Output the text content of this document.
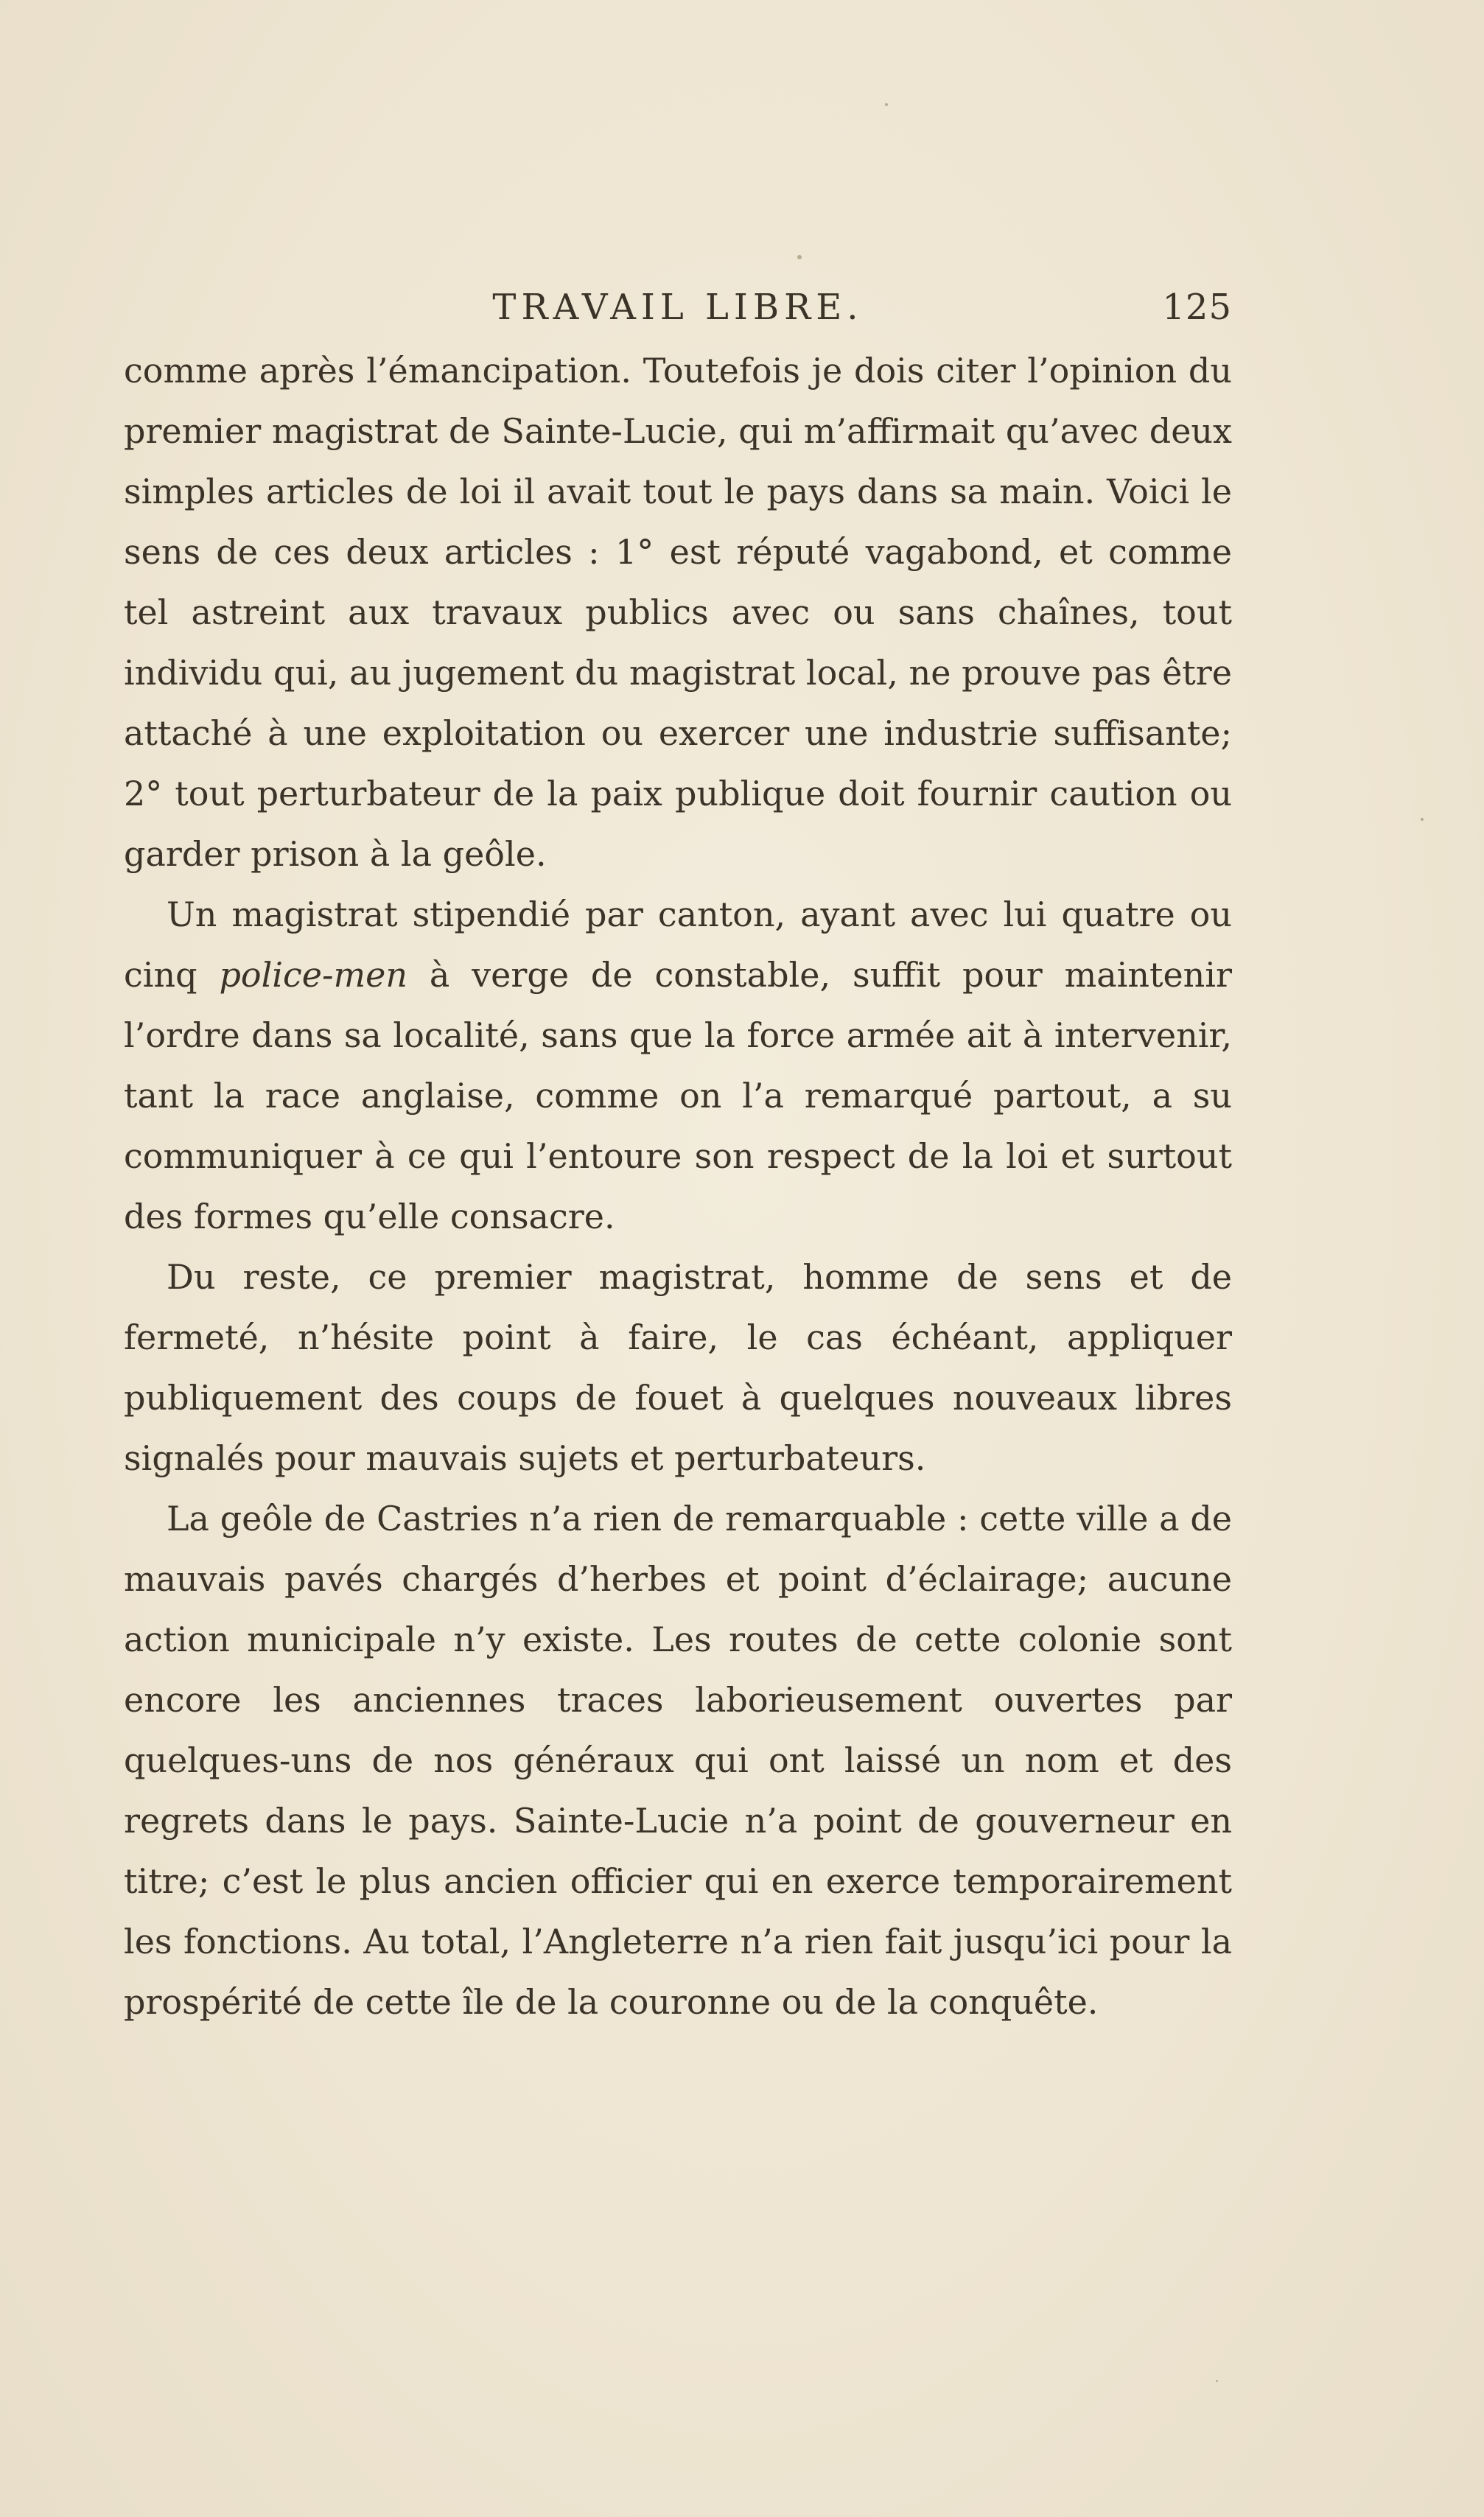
TRAVAIL LIBRE.	125

comme après l’émancipation. Toutefois je dois citer l’opinion du premier magistrat de Sainte-Lucie, qui m’affirmait qu’avec deux simples articles de loi il avait tout le pays dans sa main. Voici le sens de ces deux articles : 1° est réputé vagabond, et comme tel astreint aux travaux publics avec ou sans chaînes, tout individu qui, au jugement du magistrat local, ne prouve pas être attaché à une exploitation ou exercer une industrie suffisante; 2° tout perturbateur de la paix publique doit fournir caution ou garder prison à la geôle.

Un magistrat stipendié par canton, ayant avec lui quatre ou cinq police-men à verge de constable, suffit pour maintenir l’ordre dans sa localité, sans que la force armée ait à intervenir, tant la race anglaise, comme on l’a remarqué partout, a su communiquer à ce qui l’entoure son respect de la loi et surtout des formes qu’elle consacre.

Du reste, ce premier magistrat, homme de sens et de fermeté, n’hésite point à faire, le cas échéant, appliquer publiquement des coups de fouet à quelques nouveaux libres signalés pour mauvais sujets et perturbateurs.

La geôle de Castries n’a rien de remarquable : cette ville a de mauvais pavés chargés d’herbes et point d’éclairage; aucune action municipale n’y existe. Les routes de cette colonie sont encore les anciennes traces laborieusement ouvertes par quelques-uns de nos généraux qui ont laissé un nom et des regrets dans le pays. Sainte-Lucie n’a point de gouverneur en titre; c’est le plus ancien officier qui en exerce temporairement les fonctions. Au total, l’Angleterre n’a rien fait jusqu’ici pour la prospérité de cette île de la couronne ou de la conquête.
